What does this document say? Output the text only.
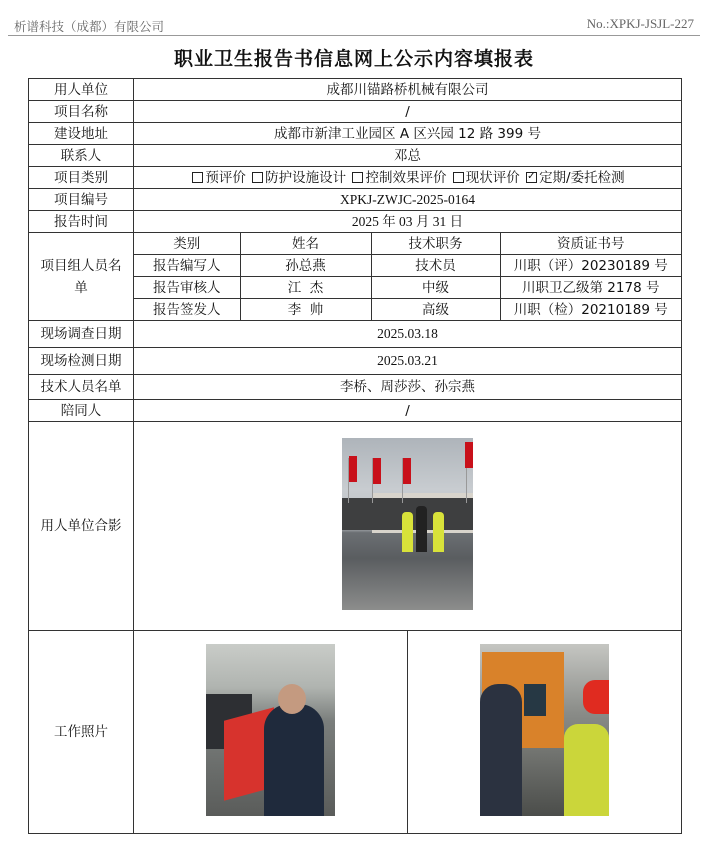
析谱科技（成都）有限公司	No.:XPKJ-JSJL-227
职业卫生报告书信息网上公示内容填报表
用人单位	成都川锚路桥机械有限公司
项目名称	/
建设地址	成都市新津工业园区 A 区兴园 12 路 399 号
联系人	邓总
项目类别	预评价 防护设施设计 控制效果评价 现状评价 ✓ 定期/委托检测
项目编号	XPKJ-ZWJC-2025-0164
报告时间	2025 年 03 月 31 日
项目组人员名单	
类别	姓名	技术职务	资质证书号
报告编写人	孙总燕	技术员	川职（评）20230189 号
报告审核人	江  杰	中级	川职卫乙级第 2178 号
报告签发人	李  帅	高级	川职（检）20210189 号

现场调查日期	2025.03.18
现场检测日期	2025.03.21
技术人员名单	李桥、周莎莎、孙宗燕
陪同人	/
用人单位合影	

工作照片	
